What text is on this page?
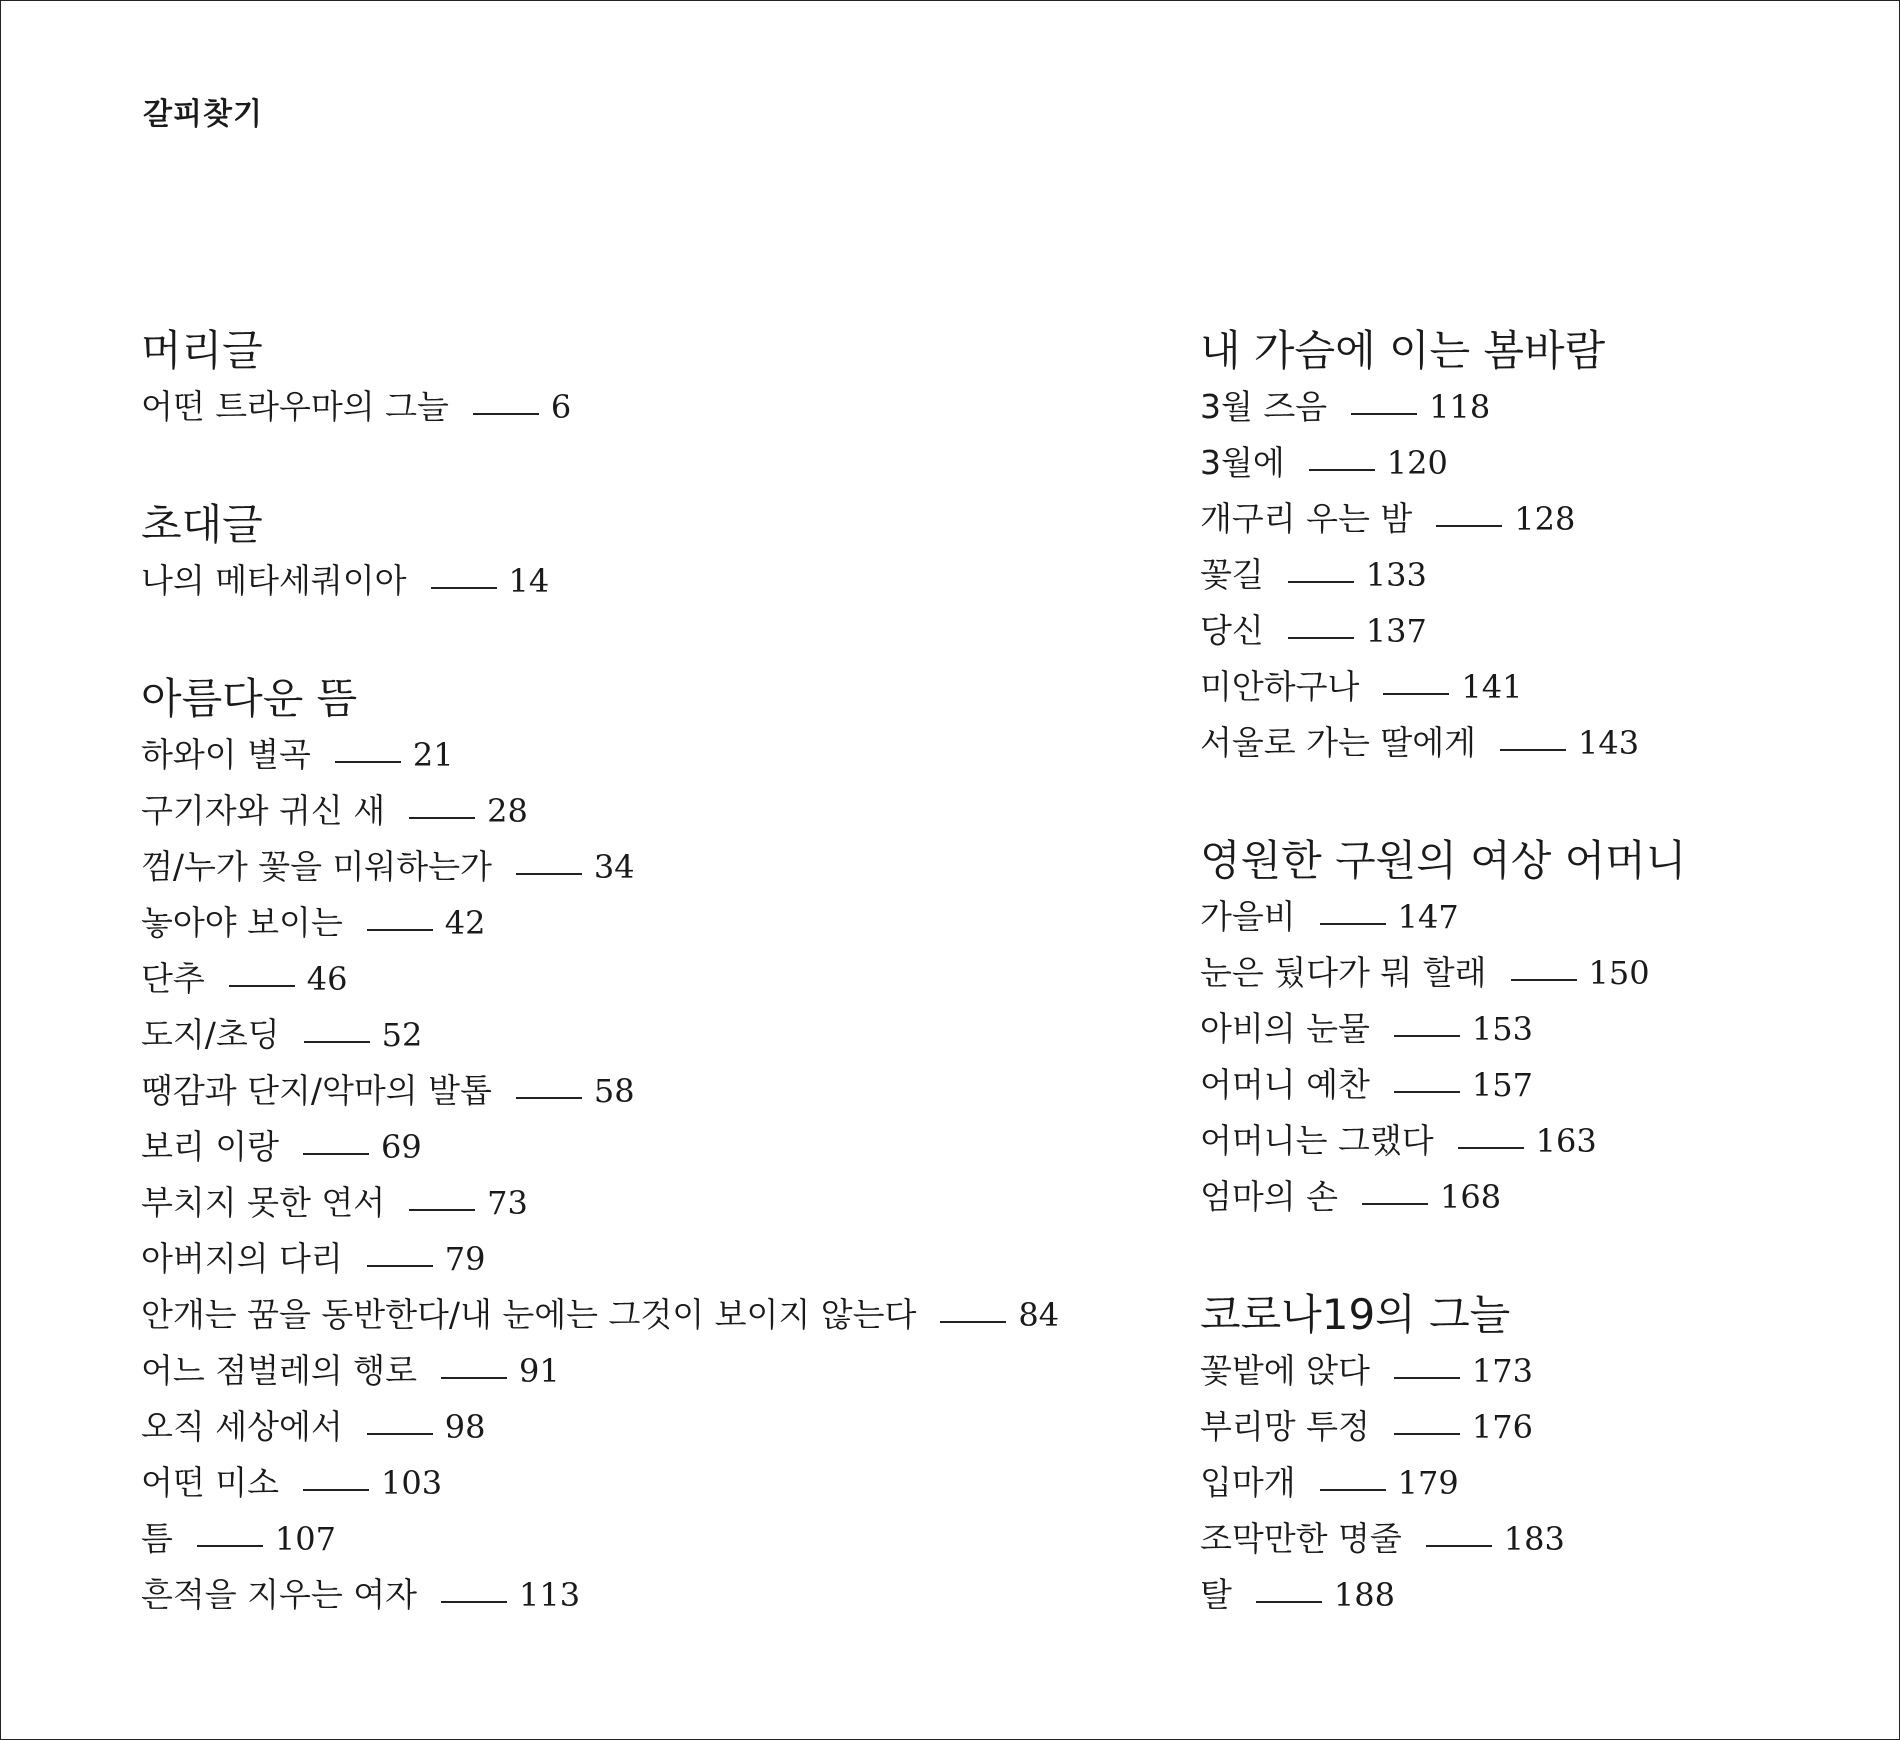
갈피찾기
머리글
어떤 트라우마의 그늘	6
초대글
나의 메타세쿼이아	14
아름다운 뜸
하와이 별곡	21
구기자와 귀신 새	28
껌/누가 꽃을 미워하는가	34
놓아야 보이는	42
단추	46
도지/초딩	52
땡감과 단지/악마의 발톱	58
보리 이랑	69
부치지 못한 연서	73
아버지의 다리	79
안개는 꿈을 동반한다/내 눈에는 그것이 보이지 않는다	84
어느 점벌레의 행로	91
오직 세상에서	98
어떤 미소	103
틈	107
흔적을 지우는 여자	113
내 가슴에 이는 봄바람
3월 즈음	118
3월에	120
개구리 우는 밤	128
꽃길	133
당신	137
미안하구나	141
서울로 가는 딸에게	143
영원한 구원의 여상 어머니
가을비	147
눈은 뒀다가 뭐 할래	150
아비의 눈물	153
어머니 예찬	157
어머니는 그랬다	163
엄마의 손	168
코로나19의 그늘
꽃밭에 앉다	173
부리망 투정	176
입마개	179
조막만한 명줄	183
탈	188
